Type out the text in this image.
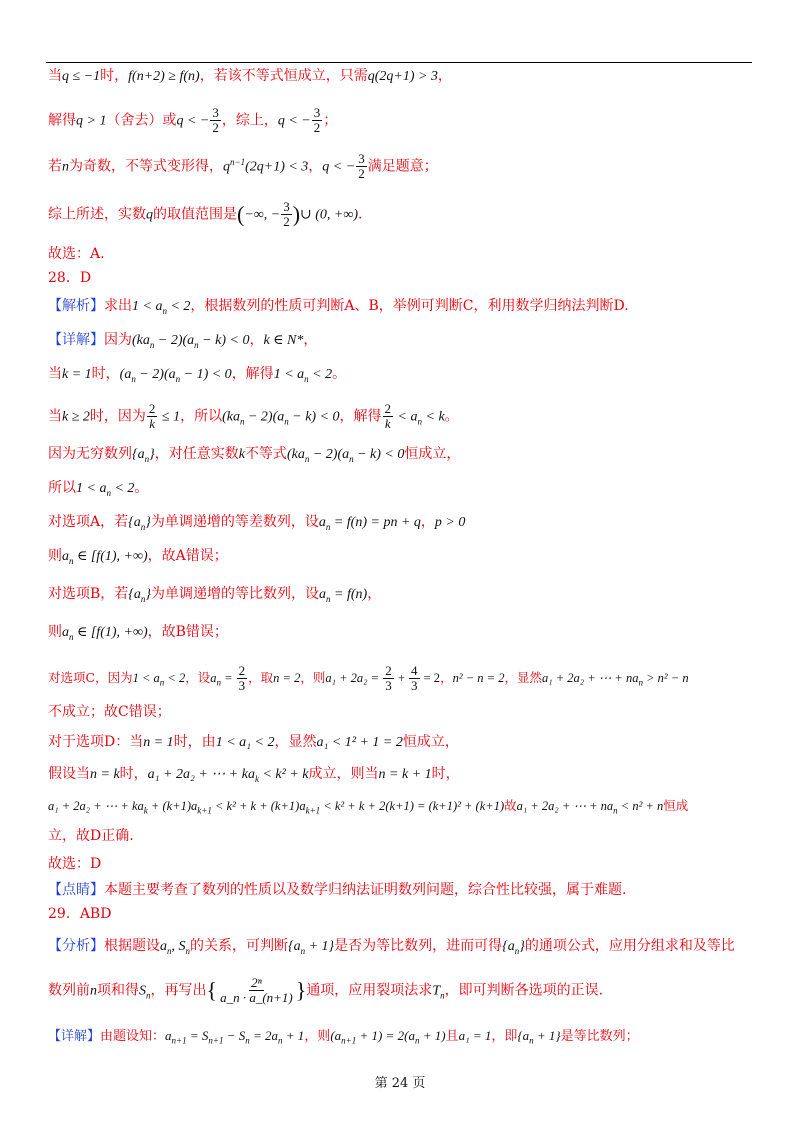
当q ≤ −1时，f(n+2) ≥ f(n)，若该不等式恒成立，只需q(2q+1) > 3，
解得q > 1（舍去）或q < − $\frac{3}{2}$ ，综上，q < − $\frac{3}{2}$ ；
若n为奇数，不等式变形得，$q^{n-1}(2q+1) < 3$，q < − $\frac{3}{2}$ 满足题意；
综上所述，实数q的取值范围是(−∞, − $\frac{3}{2}$ )∪ (0, +∞).
故选：A.
28．D
【解析】求出$1 < a_n < 2$，根据数列的性质可判断A、B，举例可判断C，利用数学归纳法判断D.
【详解】因为$(ka_n - 2)(a_n - k) < 0$，k ∈ N*，
当k = 1时，$(a_n - 2)(a_n - 1) < 0$，解得$1 < a_n < 2$。
当k ≥ 2时，因为 $\frac{2}{k} \le 1$，所以$(ka_n - 2)(a_n - k) < 0$，解得 $\frac{2}{k} < a_n < k$。
因为无穷数列$\{a_n\}$，对任意实数k不等式$(ka_n - 2)(a_n - k) < 0$恒成立，
所以$1 < a_n < 2$。
对选项A，若$\{a_n\}$为单调递增的等差数列，设$a_n = f(n)$ = pn + q，p > 0
则$a_n$ ∈ [f(1), +∞)，故A错误；
对选项B，若$\{a_n\}$为单调递增的等比数列，设$a_n = f(n)$，
则$a_n$ ∈ [f(1), +∞)，故B错误；
对选项C，因为$1 < a_n < 2$，设$a_n = \frac{2}{3}$ ，取n = 2，则$a_1 + 2a_2 = \frac{2}{3} + \frac{4}{3} = 2$，n² − n = 2，显然a₁ + 2a₂ + ⋯ + $na_n > n^2 - n$
不成立；故C错误；
对于选项D：当n = 1时，由1 < a₁ < 2，显然a₁ < 1² + 1 = 2恒成立，
假设当n = k时，a₁ + 2a₂ + ⋯ + $ka_k < k^2 + k$成立，则当n = k + 1时，
a₁ + 2a₂ + ⋯ + $ka_k + (k+1)a_{k+1} < k^2 + k + (k+1)a_{k+1} < k^2 + k + 2(k+1) = (k+1)^2 + (k+1)$故a₁ + 2a₂ + ⋯ + $na_n < n^2 + n$恒成
立，故D正确.
故选：D
【点睛】本题主要考查了数列的性质以及数学归纳法证明数列问题，综合性比较强，属于难题.
29．ABD
【分析】根据题设$a_n$, $S_n$的关系，可判断$\{a_n + 1\}$是否为等比数列，进而可得$\{a_n\}$的通项公式，应用分组求和及等比
数列前n项和得$S_n$，再写出{ $\frac{\text{2ⁿ}}{a\_n \cdot a\_(n+1)}$ }通项，应用裂项法求$T_n$，即可判断各选项的正误.
【详解】由题设知：$a_{n+1} = S_{n+1} - S_n = 2a_n + 1$，则$(a_{n+1} + 1) = 2(a_n + 1)$且a₁ = 1，即$\{a_n + 1\}$是等比数列；
第 24 页
